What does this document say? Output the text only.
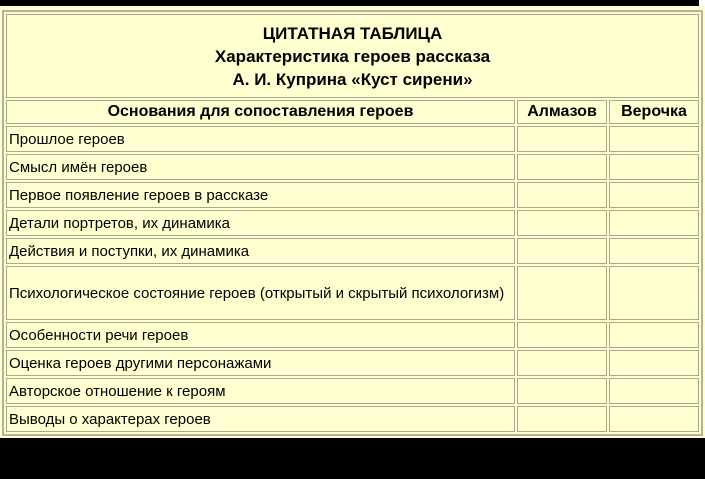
ЦИТАТНАЯ ТАБЛИЦА
Характеристика героев рассказа
А. И. Куприна «Куст сирени»		

Основания для сопоставления героев	Алмазов	Верочка
Прошлое героев		
Смысл имён героев		
Первое появление героев в рассказе		
Детали портретов, их динамика		
Действия и поступки, их динамика		
Психологическое состояние героев (открытый и скрытый психологизм)		
Особенности речи героев		
Оценка героев другими персонажами		
Авторское отношение к героям		
Выводы о характерах героев		
